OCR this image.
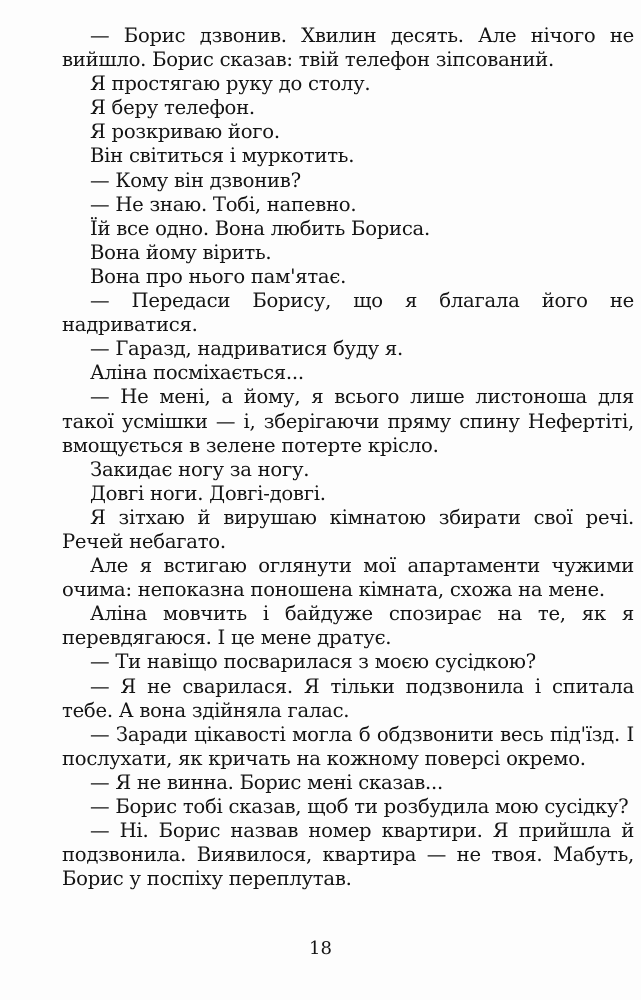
— Борис дзвонив. Хвилин десять. Але нічого не вийшло. Борис сказав: твій телефон зіпсований.

Я простягаю руку до столу.

Я беру телефон.

Я розкриваю його.

Він світиться і муркотить.

— Кому він дзвонив?

— Не знаю. Тобі, напевно.

Їй все одно. Вона любить Бориса.

Вона йому вірить.

Вона про нього пам'ятає.

— Передаси Борису, що я благала його не надриватися.

— Гаразд, надриватися буду я.

Аліна посміхається...

— Не мені, а йому, я всього лише листоноша для такої усмішки — і, зберігаючи пряму спину Нефертіті, вмощується в зелене потерте крісло.

Закидає ногу за ногу.

Довгі ноги. Довгі-довгі.

Я зітхаю й вирушаю кімнатою збирати свої речі. Речей небагато.

Але я встигаю оглянути мої апартаменти чужими очима: непоказна поношена кімната, схожа на мене.

Аліна мовчить і байдуже спозирає на те, як я перевдягаюся. І це мене дратує.

— Ти навіщо посварилася з моєю сусідкою?

— Я не сварилася. Я тільки подзвонила і спитала тебе. А вона здійняла галас.

— Заради цікавості могла б обдзвонити весь під'їзд. І послухати, як кричать на кожному поверсі окремо.

— Я не винна. Борис мені сказав...

— Борис тобі сказав, щоб ти розбудила мою сусідку?

— Ні. Борис назвав номер квартири. Я прийшла й подзвонила. Виявилося, квартира — не твоя. Мабуть, Борис у поспіху переплутав.

18
